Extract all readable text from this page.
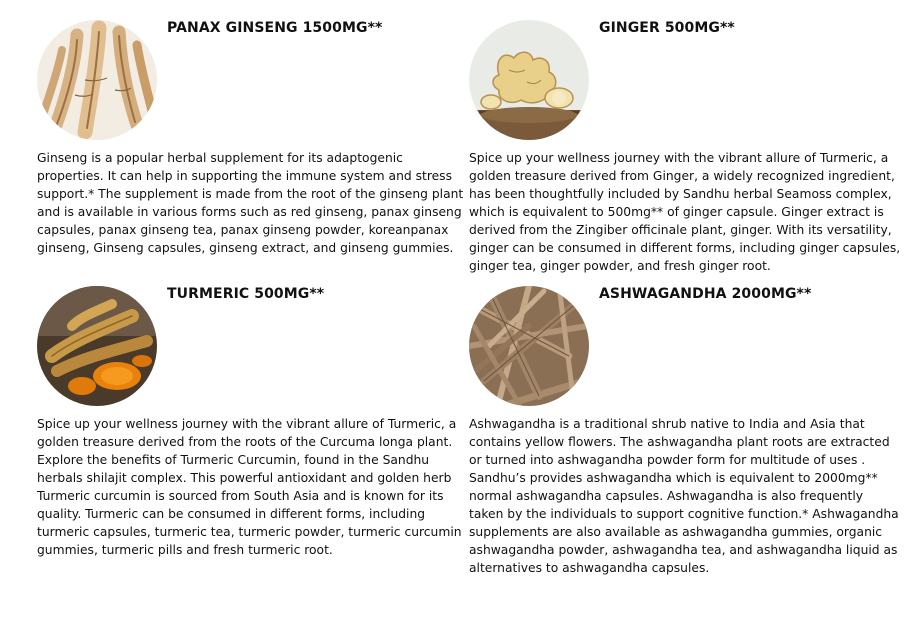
PANAX GINSENG 1500MG**

Ginseng is a popular herbal supplement for its adaptogenic properties. It can help in supporting the immune system and stress support.* The supplement is made from the root of the ginseng plant and is available in various forms such as red ginseng, panax ginseng capsules, panax ginseng tea, panax ginseng powder, koreanpanax ginseng, Ginseng capsules, ginseng extract, and ginseng gummies.

GINGER 500MG**

Spice up your wellness journey with the vibrant allure of Turmeric, a golden treasure derived from Ginger, a widely recognized ingredient, has been thoughtfully included by Sandhu herbal Seamoss complex, which is equivalent to 500mg** of ginger capsule. Ginger extract is derived from the Zingiber officinale plant, ginger. With its versatility, ginger can be consumed in different forms, including ginger capsules, ginger tea, ginger powder, and fresh ginger root.

TURMERIC 500MG**

Spice up your wellness journey with the vibrant allure of Turmeric, a golden treasure derived from the roots of the Curcuma longa plant. Explore the benefits of Turmeric Curcumin, found in the Sandhu herbals shilajit complex. This powerful antioxidant and golden herb Turmeric curcumin is sourced from South Asia and is known for its quality. Turmeric can be consumed in different forms, including turmeric capsules, turmeric tea, turmeric powder, turmeric curcumin gummies, turmeric pills and fresh turmeric root.

ASHWAGANDHA 2000MG**

Ashwagandha is a traditional shrub native to India and Asia that contains yellow flowers. The ashwagandha plant roots are extracted or turned into ashwagandha powder form for multitude of uses . Sandhu’s provides ashwagandha which is equivalent to 2000mg** normal ashwagandha capsules. Ashwagandha is also frequently taken by the individuals to support cognitive function.* Ashwagandha supplements are also available as ashwagandha gummies, organic ashwagandha powder, ashwagandha tea, and ashwagandha liquid as alternatives to ashwagandha capsules.
